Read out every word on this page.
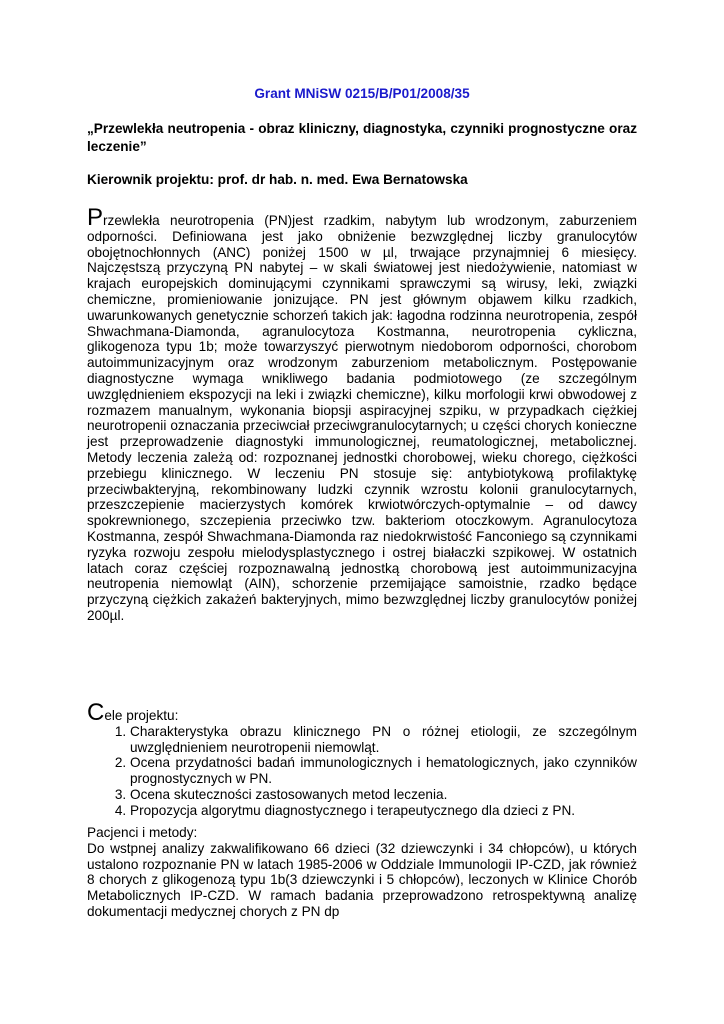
Grant MNiSW 0215/B/P01/2008/35
„Przewlekła neutropenia - obraz kliniczny, diagnostyka, czynniki prognostyczne oraz leczenie”
Kierownik projektu: prof. dr hab. n. med. Ewa Bernatowska
Przewlekła neurotropenia (PN)jest rzadkim, nabytym lub wrodzonym, zaburzeniem odporności. Definiowana jest jako obniżenie bezwzględnej liczby granulocytów obojętnochłonnych (ANC) poniżej 1500 w µl, trwające przynajmniej 6 miesięcy. Najczęstszą przyczyną PN nabytej – w skali światowej jest niedożywienie, natomiast w krajach europejskich dominującymi czynnikami sprawczymi są wirusy, leki, związki chemiczne, promieniowanie jonizujące. PN jest głównym objawem kilku rzadkich, uwarunkowanych genetycznie schorzeń takich jak: łagodna rodzinna neurotropenia, zespół Shwachmana-Diamonda, agranulocytoza Kostmanna, neurotropenia cykliczna, glikogenoza typu 1b; może towarzyszyć pierwotnym niedoborom odporności, chorobom autoimmunizacyjnym oraz wrodzonym zaburzeniom metabolicznym. Postępowanie diagnostyczne wymaga wnikliwego badania podmiotowego (ze szczególnym uwzględnieniem ekspozycji na leki i związki chemiczne), kilku morfologii krwi obwodowej z rozmazem manualnym, wykonania biopsji aspiracyjnej szpiku, w przypadkach ciężkiej neurotropenii oznaczania przeciwciał przeciwgranulocytarnych; u części chorych konieczne jest przeprowadzenie diagnostyki immunologicznej, reumatologicznej, metabolicznej. Metody leczenia zależą od: rozpoznanej jednostki chorobowej, wieku chorego, ciężkości przebiegu klinicznego. W leczeniu PN stosuje się: antybiotykową profilaktykę przeciwbakteryjną, rekombinowany ludzki czynnik wzrostu kolonii granulocytarnych, przeszczepienie macierzystych komórek krwiotwórczych-optymalnie – od dawcy spokrewnionego, szczepienia przeciwko tzw. bakteriom otoczkowym. Agranulocytoza Kostmanna, zespół Shwachmana-Diamonda raz niedokrwistość Fanconiego są czynnikami ryzyka rozwoju zespołu mielodysplastycznego i ostrej białaczki szpikowej. W ostatnich latach coraz częściej rozpoznawalną jednostką chorobową jest autoimmunizacyjna neutropenia niemowląt (AIN), schorzenie przemijające samoistnie, rzadko będące przyczyną ciężkich zakażeń bakteryjnych, mimo bezwzględnej liczby granulocytów poniżej 200µl.
Cele projektu:
1. Charakterystyka obrazu klinicznego PN o różnej etiologii, ze szczególnym uwzględnieniem neurotropenii niemowląt.
2. Ocena przydatności badań immunologicznych i hematologicznych, jako czynników prognostycznych w PN.
3. Ocena skuteczności zastosowanych metod leczenia.
4. Propozycja algorytmu diagnostycznego i terapeutycznego dla dzieci z PN.
Pacjenci i metody:
Do wstpnej analizy zakwalifikowano 66 dzieci (32 dziewczynki i 34 chłopców), u których ustalono rozpoznanie PN w latach 1985-2006 w Oddziale Immunologii IP-CZD, jak również 8 chorych z glikogenozą typu 1b(3 dziewczynki i 5 chłopców), leczonych w Klinice Chorób Metabolicznych IP-CZD. W ramach badania przeprowadzono retrospektywną analizę dokumentacji medycznej chorych z PN dp
